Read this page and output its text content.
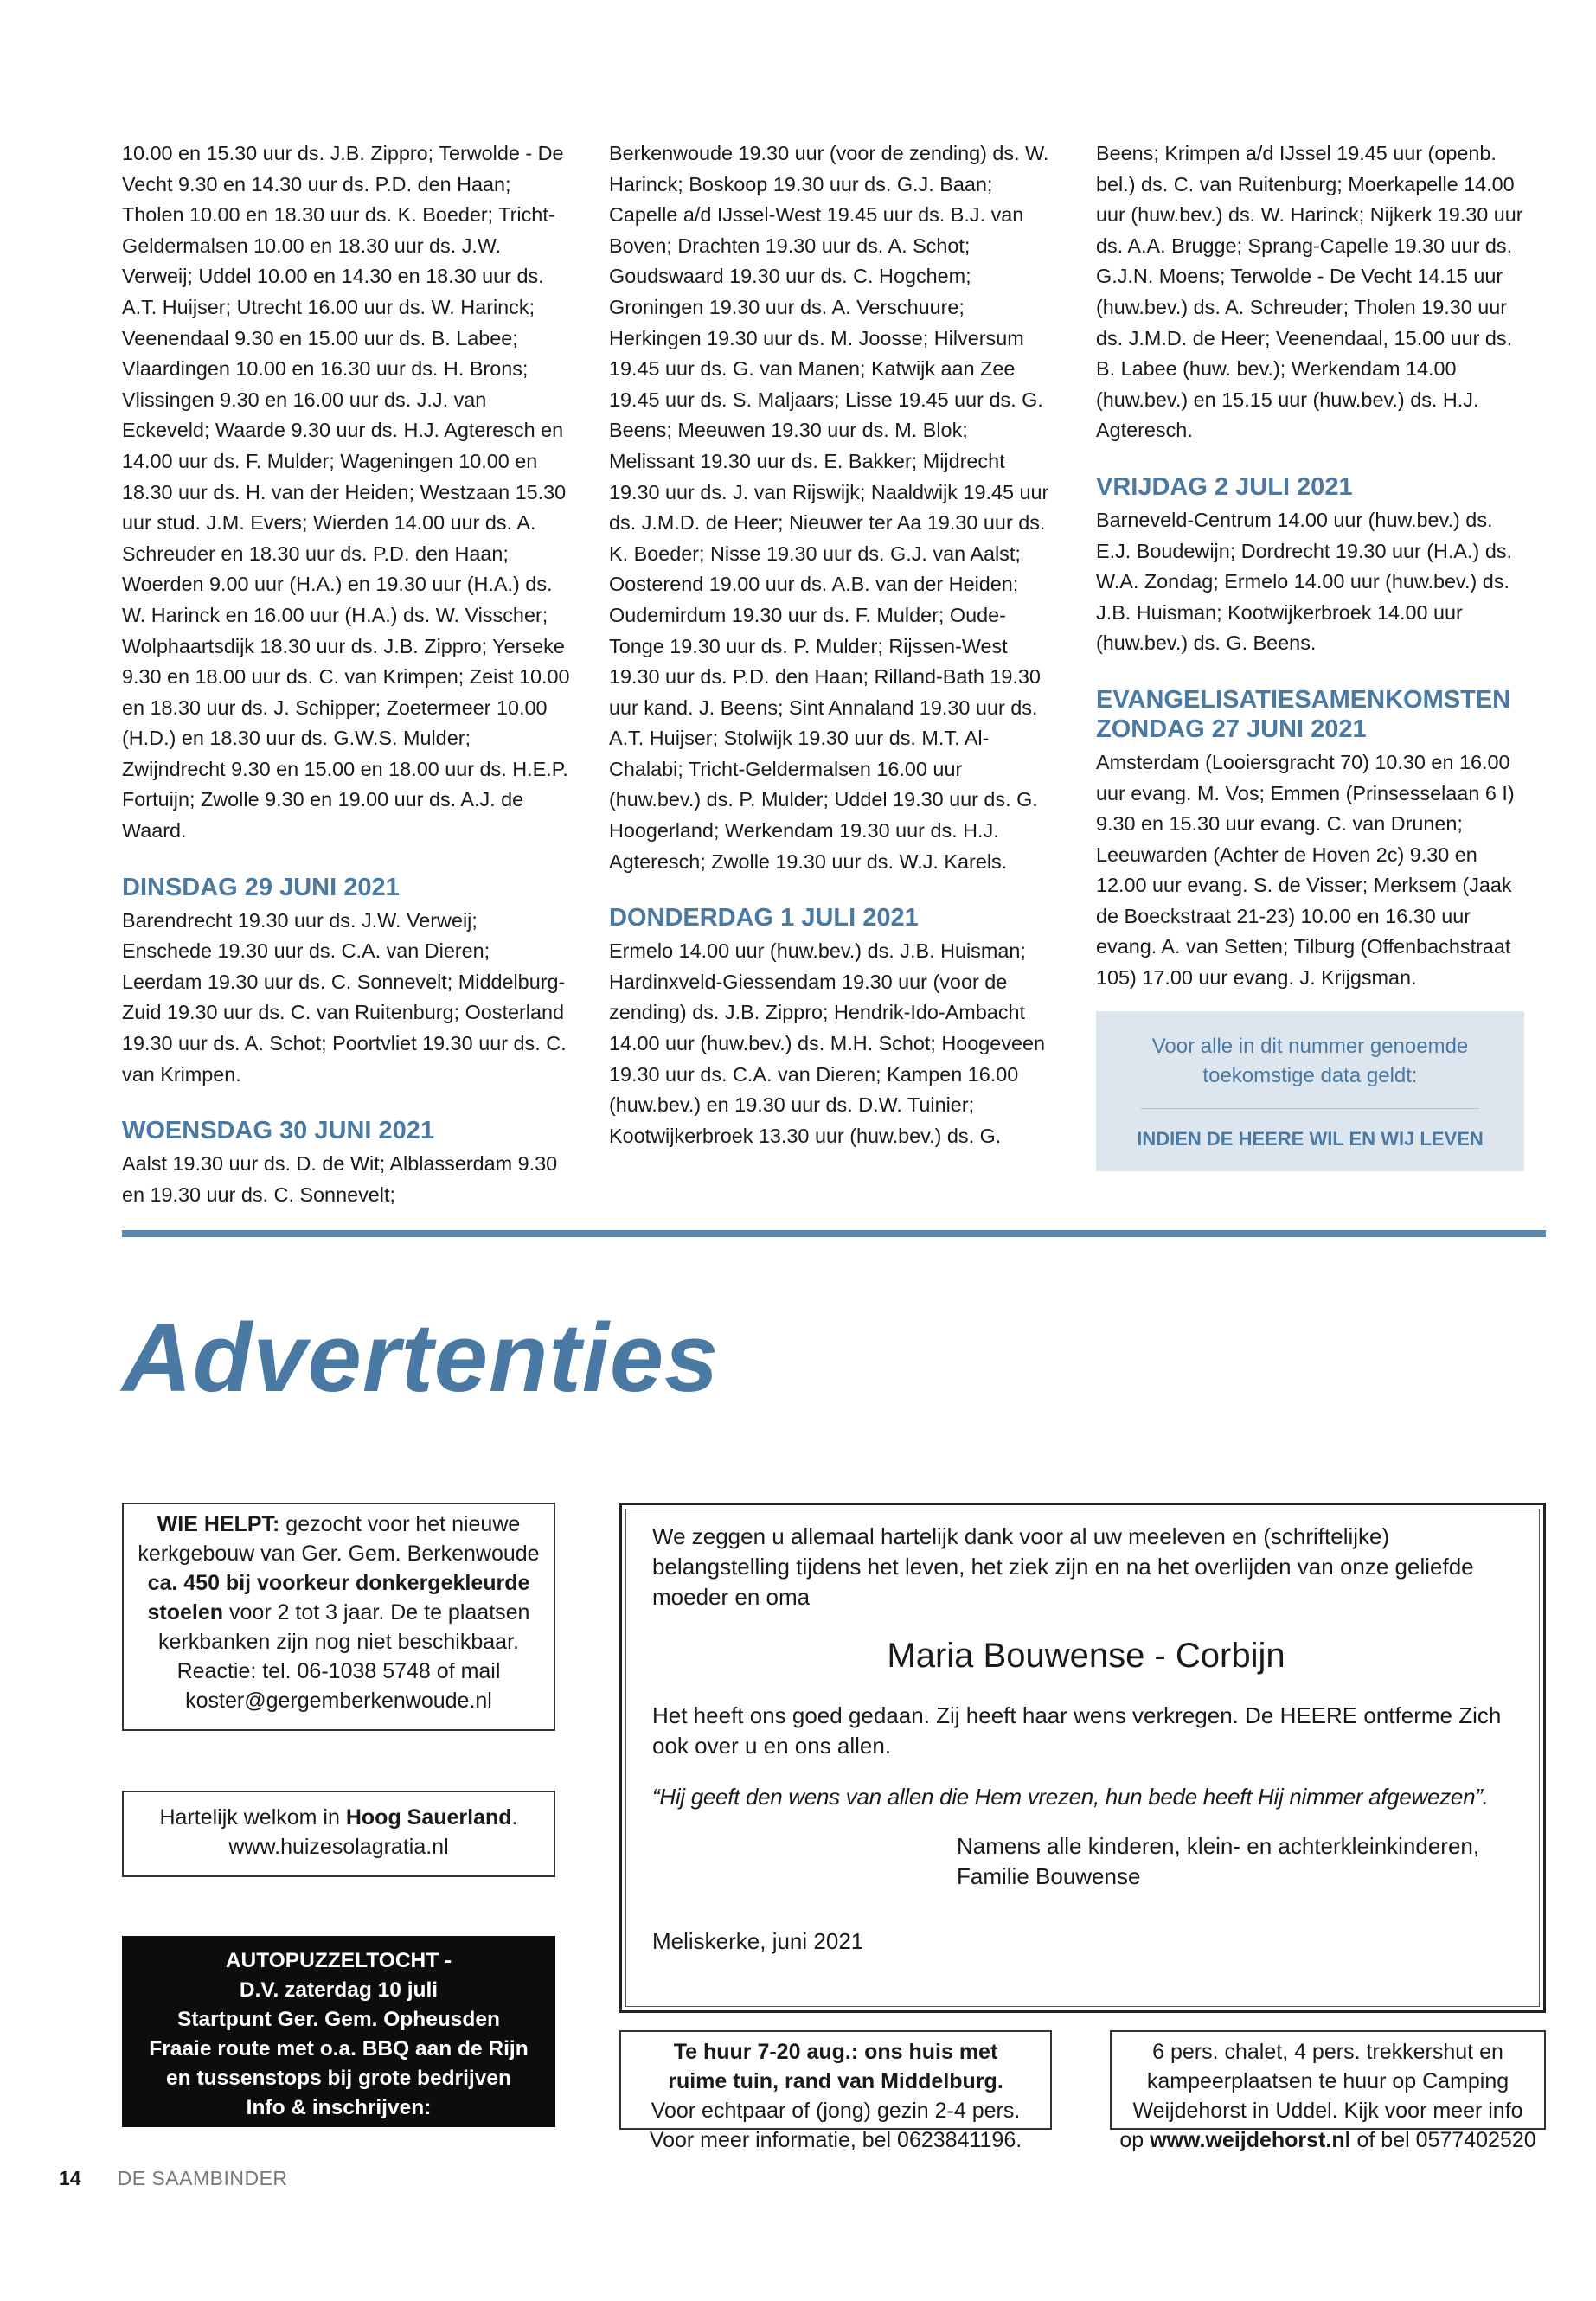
10.00 en 15.30 uur ds. J.B. Zippro; Terwolde - De Vecht 9.30 en 14.30 uur ds. P.D. den Haan; Tholen 10.00 en 18.30 uur ds. K. Boeder; Tricht-Geldermalsen 10.00 en 18.30 uur ds. J.W. Verweij; Uddel 10.00 en 14.30 en 18.30 uur ds. A.T. Huijser; Utrecht 16.00 uur ds. W. Harinck; Veenendaal 9.30 en 15.00 uur ds. B. Labee; Vlaardingen 10.00 en 16.30 uur ds. H. Brons; Vlissingen 9.30 en 16.00 uur ds. J.J. van Eckeveld; Waarde 9.30 uur ds. H.J. Agteresch en 14.00 uur ds. F. Mulder; Wageningen 10.00 en 18.30 uur ds. H. van der Heiden; Westzaan 15.30 uur stud. J.M. Evers; Wierden 14.00 uur ds. A. Schreuder en 18.30 uur ds. P.D. den Haan; Woerden 9.00 uur (H.A.) en 19.30 uur (H.A.) ds. W. Harinck en 16.00 uur (H.A.) ds. W. Visscher; Wolphaartsdijk 18.30 uur ds. J.B. Zippro; Yerseke 9.30 en 18.00 uur ds. C. van Krimpen; Zeist 10.00 en 18.30 uur ds. J. Schipper; Zoetermeer 10.00 (H.D.) en 18.30 uur ds. G.W.S. Mulder; Zwijndrecht 9.30 en 15.00 en 18.00 uur ds. H.E.P. Fortuijn; Zwolle 9.30 en 19.00 uur ds. A.J. de Waard.

DINSDAG 29 JUNI 2021

Barendrecht 19.30 uur ds. J.W. Verweij; Enschede 19.30 uur ds. C.A. van Dieren; Leerdam 19.30 uur ds. C. Sonnevelt; Middelburg-Zuid 19.30 uur ds. C. van Ruitenburg; Oosterland 19.30 uur ds. A. Schot; Poortvliet 19.30 uur ds. C. van Krimpen.

WOENSDAG 30 JUNI 2021

Aalst 19.30 uur ds. D. de Wit; Alblasserdam 9.30 en 19.30 uur ds. C. Sonnevelt;

Berkenwoude 19.30 uur (voor de zending) ds. W. Harinck; Boskoop 19.30 uur ds. G.J. Baan; Capelle a/d IJssel-West 19.45 uur ds. B.J. van Boven; Drachten 19.30 uur ds. A. Schot; Goudswaard 19.30 uur ds. C. Hogchem; Groningen 19.30 uur ds. A. Verschuure; Herkingen 19.30 uur ds. M. Joosse; Hilversum 19.45 uur ds. G. van Manen; Katwijk aan Zee 19.45 uur ds. S. Maljaars; Lisse 19.45 uur ds. G. Beens; Meeuwen 19.30 uur ds. M. Blok; Melissant 19.30 uur ds. E. Bakker; Mijdrecht 19.30 uur ds. J. van Rijswijk; Naaldwijk 19.45 uur ds. J.M.D. de Heer; Nieuwer ter Aa 19.30 uur ds. K. Boeder; Nisse 19.30 uur ds. G.J. van Aalst; Oosterend 19.00 uur ds. A.B. van der Heiden; Oudemirdum 19.30 uur ds. F. Mulder; Oude-Tonge 19.30 uur ds. P. Mulder; Rijssen-West 19.30 uur ds. P.D. den Haan; Rilland-Bath 19.30 uur kand. J. Beens; Sint Annaland 19.30 uur ds. A.T. Huijser; Stolwijk 19.30 uur ds. M.T. Al-Chalabi; Tricht-Geldermalsen 16.00 uur (huw.bev.) ds. P. Mulder; Uddel 19.30 uur ds. G. Hoogerland; Werkendam 19.30 uur ds. H.J. Agteresch; Zwolle 19.30 uur ds. W.J. Karels.

DONDERDAG 1 JULI 2021

Ermelo 14.00 uur (huw.bev.) ds. J.B. Huisman; Hardinxveld-Giessendam 19.30 uur (voor de zending) ds. J.B. Zippro; Hendrik-Ido-Ambacht 14.00 uur (huw.bev.) ds. M.H. Schot; Hoogeveen 19.30 uur ds. C.A. van Dieren; Kampen 16.00 (huw.bev.) en 19.30 uur ds. D.W. Tuinier; Kootwijkerbroek 13.30 uur (huw.bev.) ds. G.

Beens; Krimpen a/d IJssel 19.45 uur (openb. bel.) ds. C. van Ruitenburg; Moerkapelle 14.00 uur (huw.bev.) ds. W. Harinck; Nijkerk 19.30 uur ds. A.A. Brugge; Sprang-Capelle 19.30 uur ds. G.J.N. Moens; Terwolde - De Vecht 14.15 uur (huw.bev.) ds. A. Schreuder; Tholen 19.30 uur ds. J.M.D. de Heer; Veenendaal, 15.00 uur ds. B. Labee (huw. bev.); Werkendam 14.00 (huw.bev.) en 15.15 uur (huw.bev.) ds. H.J. Agteresch.

VRIJDAG 2 JULI 2021

Barneveld-Centrum 14.00 uur (huw.bev.) ds. E.J. Boudewijn; Dordrecht 19.30 uur (H.A.) ds. W.A. Zondag; Ermelo 14.00 uur (huw.bev.) ds. J.B. Huisman; Kootwijkerbroek 14.00 uur (huw.bev.) ds. G. Beens.

EVANGELISATIESAMENKOMSTEN
ZONDAG 27 JUNI 2021

Amsterdam (Looiersgracht 70) 10.30 en 16.00 uur evang. M. Vos; Emmen (Prinsesselaan 6 I) 9.30 en 15.30 uur evang. C. van Drunen; Leeuwarden (Achter de Hoven 2c) 9.30 en 12.00 uur evang. S. de Visser; Merksem (Jaak de Boeckstraat 21-23) 10.00 en 16.30 uur evang. A. van Setten; Tilburg (Offenbachstraat 105) 17.00 uur evang. J. Krijgsman.

Voor alle in dit nummer genoemde
toekomstige data geldt:
INDIEN DE HEERE WIL EN WIJ LEVEN
Advertenties
WIE HELPT: gezocht voor het nieuwe kerkgebouw van Ger. Gem. Berkenwoude ca. 450 bij voorkeur donkergekleurde stoelen voor 2 tot 3 jaar. De te plaatsen kerkbanken zijn nog niet beschikbaar. Reactie: tel. 06-1038 5748 of mail koster@gergemberkenwoude.nl
Hartelijk welkom in Hoog Sauerland.
www.huizesolagratia.nl
AUTOPUZZELTOCHT -
D.V. zaterdag 10 juli
Startpunt Ger. Gem. Opheusden
Fraaie route met o.a. BBQ aan de Rijn
en tussenstops bij grote bedrijven
Info & inschrijven:
www.gergemopheusden.nl/autotocht

We zeggen u allemaal hartelijk dank voor al uw meeleven en (schriftelijke) belangstelling tijdens het leven, het ziek zijn en na het overlijden van onze geliefde moeder en oma

Maria Bouwense - Corbijn

Het heeft ons goed gedaan. Zij heeft haar wens verkregen. De HEERE ontferme Zich ook over u en ons allen.

“Hij geeft den wens van allen die Hem vrezen, hun bede heeft Hij nimmer afgewezen”.

Namens alle kinderen, klein- en achterkleinkinderen,

Familie Bouwense

Meliskerke, juni 2021

Te huur 7-20 aug.: ons huis met
ruime tuin, rand van Middelburg.
Voor echtpaar of (jong) gezin 2-4 pers.
Voor meer informatie, bel 0623841196.
6 pers. chalet, 4 pers. trekkershut en kampeerplaatsen te huur op Camping Weijdehorst in Uddel. Kijk voor meer info op www.weijdehorst.nl of bel 0577402520
14 DE SAAMBINDER
